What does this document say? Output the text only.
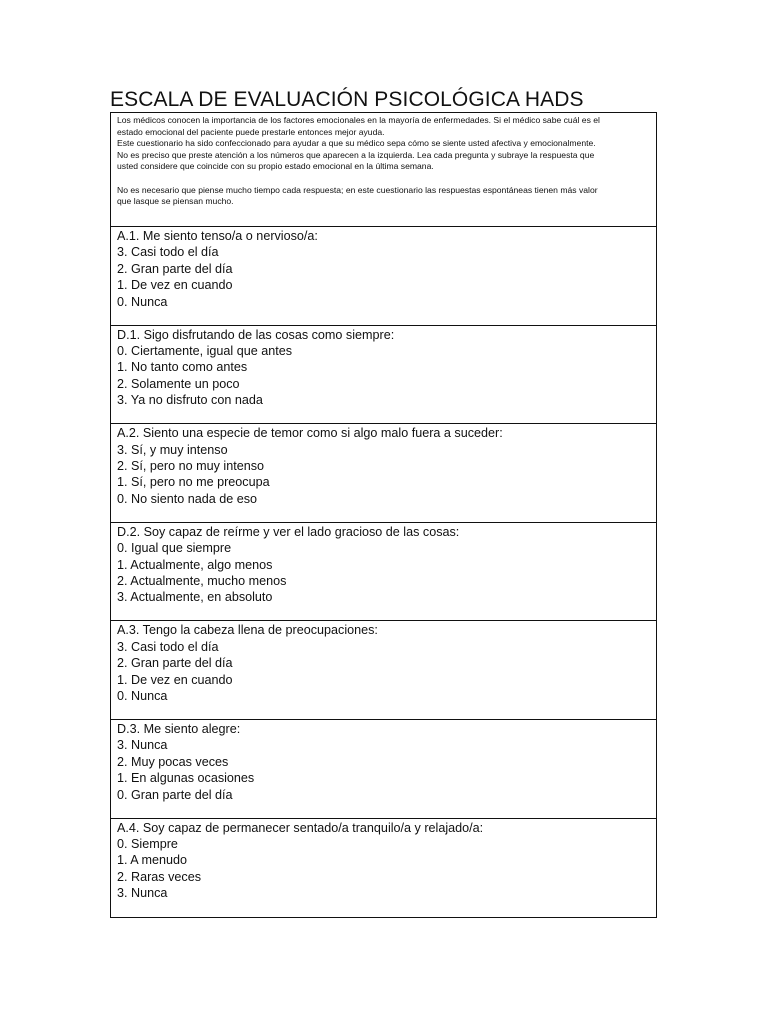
ESCALA DE EVALUACIÓN PSICOLÓGICA HADS

Los médicos conocen la importancia de los factores emocionales en la mayoría de enfermedades. Si el médico sabe cuál es el

estado emocional del paciente puede prestarle entonces mejor ayuda.

Este cuestionario ha sido confeccionado para ayudar a que su médico sepa cómo se siente usted afectiva y emocionalmente.

No es preciso que preste atención a los números que aparecen a la izquierda. Lea cada pregunta y subraye la respuesta que

usted considere que coincide con su propio estado emocional en la última semana.

No es necesario que piense mucho tiempo cada respuesta; en este cuestionario las respuestas espontáneas tienen más valor

que lasque se piensan mucho.

A.1. Me siento tenso/a o nervioso/a:
3. Casi todo el día
2. Gran parte del día
1. De vez en cuando
0. Nunca
D.1. Sigo disfrutando de las cosas como siempre:
0. Ciertamente, igual que antes
1. No tanto como antes
2. Solamente un poco
3. Ya no disfruto con nada
A.2. Siento una especie de temor como si algo malo fuera a suceder:
3. Sí, y muy intenso
2. Sí, pero no muy intenso
1. Sí, pero no me preocupa
0. No siento nada de eso
D.2. Soy capaz de reírme y ver el lado gracioso de las cosas:
0. Igual que siempre
1. Actualmente, algo menos
2. Actualmente, mucho menos
3. Actualmente, en absoluto
A.3. Tengo la cabeza llena de preocupaciones:
3. Casi todo el día
2. Gran parte del día
1. De vez en cuando
0. Nunca
D.3. Me siento alegre:
3. Nunca
2. Muy pocas veces
1. En algunas ocasiones
0. Gran parte del día
A.4. Soy capaz de permanecer sentado/a tranquilo/a y relajado/a:
0. Siempre
1. A menudo
2. Raras veces
3. Nunca
